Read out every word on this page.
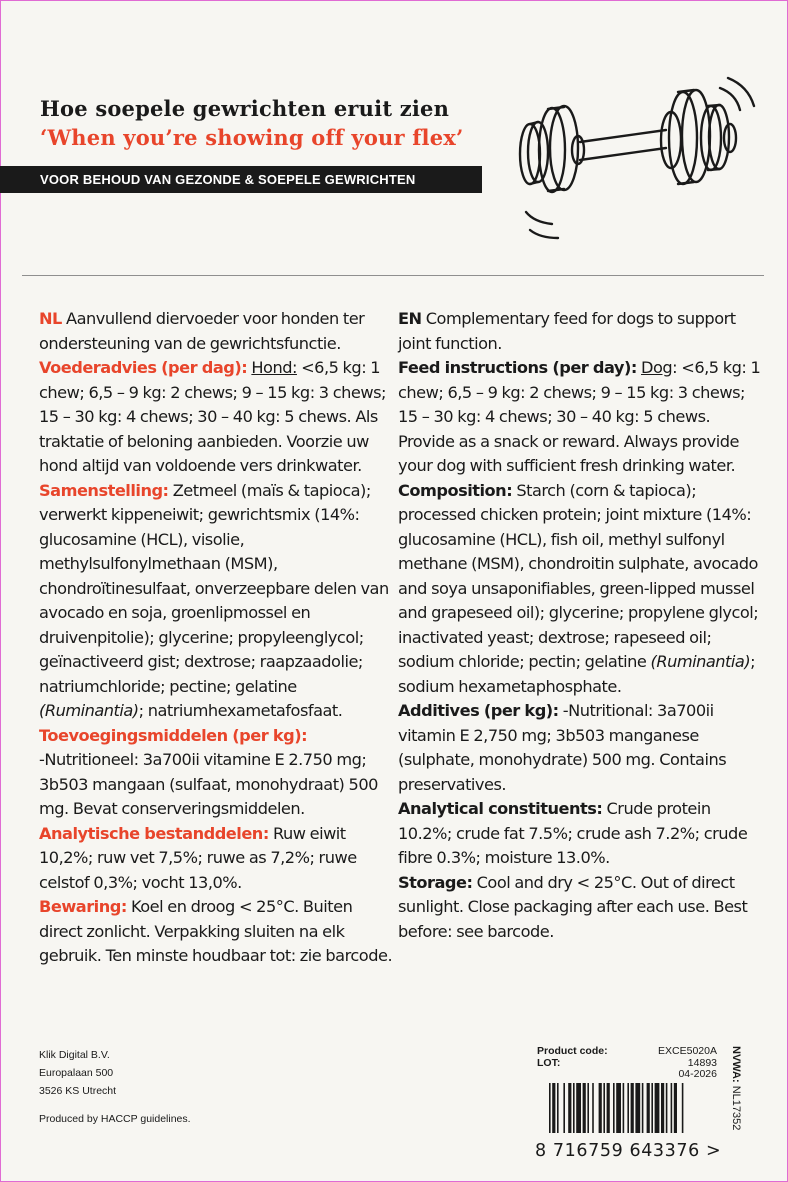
Hoe soepele gewrichten eruit zien
‘When you’re showing off your flex’
VOOR BEHOUD VAN GEZONDE & SOEPELE GEWRICHTEN
NL Aanvullend diervoeder voor honden ter ondersteuning van de gewrichtsfunctie.
Voederadvies (per dag): Hond: <6,5 kg: 1 chew; 6,5 – 9 kg: 2 chews; 9 – 15 kg: 3 chews; 15 – 30 kg: 4 chews; 30 – 40 kg: 5 chews. Als traktatie of beloning aanbieden. Voorzie uw hond altijd van voldoende vers drinkwater.
Samenstelling: Zetmeel (maïs & tapioca); verwerkt kippeneiwit; gewrichtsmix (14%: glucosamine (HCL), visolie, methylsulfonylmethaan (MSM), chondroïtinesulfaat, onverzeepbare delen van avocado en soja, groenlipmossel en druivenpitolie); glycerine; propyleenglycol; geïnactiveerd gist; dextrose; raapzaadolie; natriumchloride; pectine; gelatine (Ruminantia); natriumhexametafosfaat.
Toevoegingsmiddelen (per kg):
-Nutritioneel: 3a700ii vitamine E 2.750 mg; 3b503 mangaan (sulfaat, monohydraat) 500 mg. Bevat conserveringsmiddelen.
Analytische bestanddelen: Ruw eiwit 10,2%; ruw vet 7,5%; ruwe as 7,2%; ruwe celstof 0,3%; vocht 13,0%.
Bewaring: Koel en droog < 25°C. Buiten direct zonlicht. Verpakking sluiten na elk gebruik. Ten minste houdbaar tot: zie barcode.
EN Complementary feed for dogs to support joint function.
Feed instructions (per day): Dog: <6,5 kg: 1 chew; 6,5 – 9 kg: 2 chews; 9 – 15 kg: 3 chews; 15 – 30 kg: 4 chews; 30 – 40 kg: 5 chews. Provide as a snack or reward. Always provide your dog with sufficient fresh drinking water.
Composition: Starch (corn & tapioca); processed chicken protein; joint mixture (14%: glucosamine (HCL), fish oil, methyl sulfonyl methane (MSM), chondroitin sulphate, avocado and soya unsaponifiables, green-lipped mussel and grapeseed oil); glycerine; propylene glycol; inactivated yeast; dextrose; rapeseed oil; sodium chloride; pectin; gelatine (Ruminantia); sodium hexametaphosphate.
Additives (per kg): -Nutritional: 3a700ii vitamin E 2,750 mg; 3b503 manganese (sulphate, monohydrate) 500 mg. Contains preservatives.
Analytical constituents: Crude protein 10.2%; crude fat 7.5%; crude ash 7.2%; crude fibre 0.3%; moisture 13.0%.
Storage: Cool and dry < 25°C. Out of direct sunlight. Close packaging after each use. Best before: see barcode.
Klik Digital B.V.
Europalaan 500
3526 KS Utrecht
Produced by HACCP guidelines.
Product code:	EXCE5020A
LOT:	14893
04-2026
8 716759 643376 >
NVWA: NL17352
